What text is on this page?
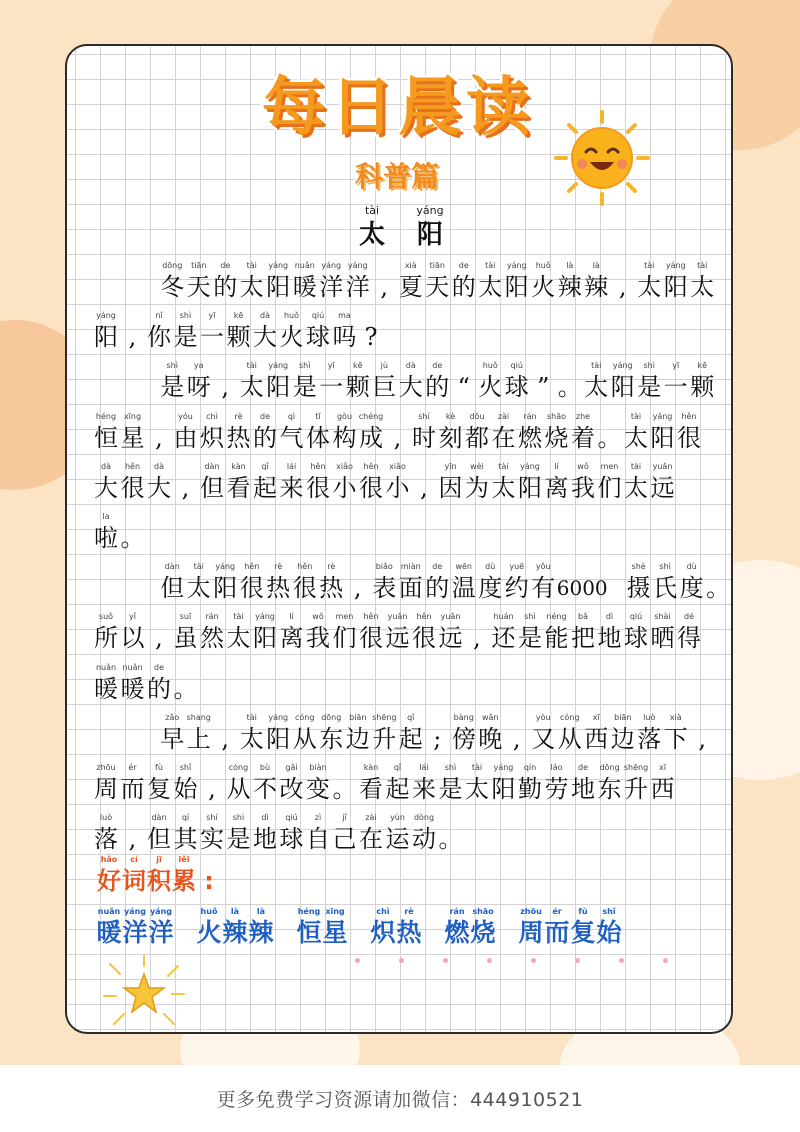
每日晨读
科普篇
tài
太
yáng
阳
dōng
冬
tiān
天
de
的
tài
太
yáng
阳
nuǎn
暖
yáng
洋
yáng
洋 ,
xià
夏
tiān
天
de
的
tài
太
yáng
阳
huǒ
火
là
辣
là
辣 ,
tài
太
yáng
阳
tài
太
yáng
阳 ,
nǐ
你
shì
是
yī
一
kē
颗
dà
大
huǒ
火
qiú
球
ma
吗 ?
shì
是
ya
呀 ,
tài
太
yáng
阳
shì
是
yī
一
kē
颗
jù
巨
dà
大
de
的 “
huǒ
火
qiú
球 ” 。
tài
太
yáng
阳
shì
是
yī
一
kē
颗
héng
恒
xīng
星 ,
yóu
由
chì
炽
rè
热
de
的
qì
气
tǐ
体
gòu
构
chéng
成 ,
shí
时
kè
刻
dōu
都
zài
在
rán
燃
shāo
烧
zhe
着 。
tài
太
yáng
阳
hěn
很
dà
大
hěn
很
dà
大 ,
dàn
但
kàn
看
qǐ
起
lái
来
hěn
很
xiǎo
小
hěn
很
xiǎo
小 ,
yīn
因
wèi
为
tài
太
yáng
阳
lí
离
wǒ
我
men
们
tài
太
yuǎn
远
la
啦 。
dàn
但
tài
太
yáng
阳
hěn
很
rè
热
hěn
很
rè
热 ,
biǎo
表
miàn
面
de
的
wēn
温
dù
度
yuē
约
yǒu
有 6000
shè
摄
shì
氏
dù
度 。
suǒ
所
yǐ
以 ,
suī
虽
rán
然
tài
太
yáng
阳
lí
离
wǒ
我
men
们
hěn
很
yuǎn
远
hěn
很
yuǎn
远 ,
huán
还
shì
是
néng
能
bǎ
把
dì
地
qiú
球
shài
晒
dé
得
nuǎn
暖
nuǎn
暖
de
的 。
zǎo
早
shang
上 ,
tài
太
yáng
阳
cóng
从
dōng
东
biān
边
shēng
升
qǐ
起 ;
bàng
傍
wǎn
晚 ,
yòu
又
cóng
从
xī
西
biān
边
luò
落
xià
下 ,
zhōu
周
ér
而
fù
复
shǐ
始 ,
cóng
从
bù
不
gǎi
改
biàn
变 。
kàn
看
qǐ
起
lái
来
shì
是
tài
太
yáng
阳
qín
勤
láo
劳
de
地
dōng
东
shēng
升
xī
西
luò
落 ,
dàn
但
qí
其
shí
实
shì
是
dì
地
qiú
球
zì
自
jǐ
己
zài
在
yùn
运
dòng
动 。
hǎo
好
cí
词
jī
积
lěi
累 :
nuǎn
暖
yáng
洋
yáng
洋
huǒ
火
là
辣
là
辣
héng
恒
xīng
星
chì
炽
rè
热
rán
燃
shāo
烧
zhōu
周
ér
而
fù
复
shǐ
始
更多免费学习资源请加微信：444910521
